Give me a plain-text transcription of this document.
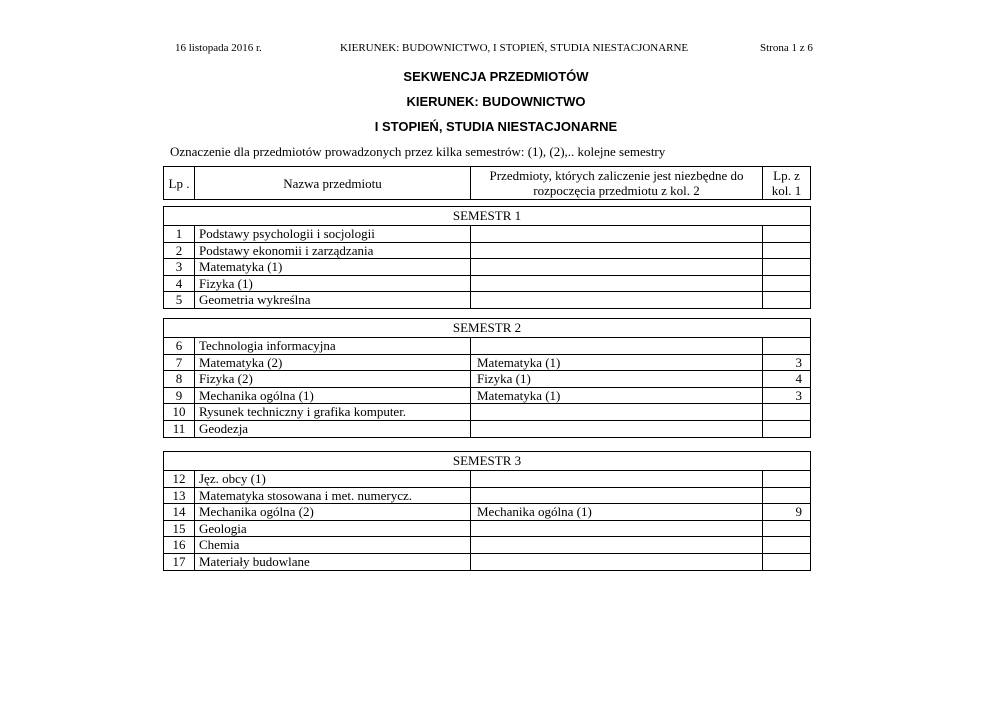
16 listopada 2016 r.	KIERUNEK: BUDOWNICTWO, I STOPIEŃ, STUDIA NIESTACJONARNE	Strona 1 z 6
SEKWENCJA PRZEDMIOTÓW
KIERUNEK: BUDOWNICTWO
I STOPIEŃ, STUDIA NIESTACJONARNE
Oznaczenie dla przedmiotów prowadzonych przez kilka semestrów: (1), (2),.. kolejne semestry
Lp .	Nazwa przedmiotu	Przedmioty, których zaliczenie jest niezbędne do rozpoczęcia przedmiotu z kol. 2	Lp. z kol. 1
SEMESTR 1			
1	Podstawy psychologii i socjologii		
2	Podstawy ekonomii i zarządzania		
3	Matematyka (1)		
4	Fizyka (1)		
5	Geometria wykreślna		
SEMESTR 2			
6	Technologia informacyjna		
7	Matematyka (2)	Matematyka (1)	3
8	Fizyka (2)	Fizyka (1)	4
9	Mechanika ogólna (1)	Matematyka (1)	3
10	Rysunek techniczny i grafika komputer.		
11	Geodezja		
SEMESTR 3			
12	Jęz. obcy (1)		
13	Matematyka stosowana i met. numerycz.		
14	Mechanika ogólna (2)	Mechanika ogólna (1)	9
15	Geologia		
16	Chemia		
17	Materiały budowlane		
